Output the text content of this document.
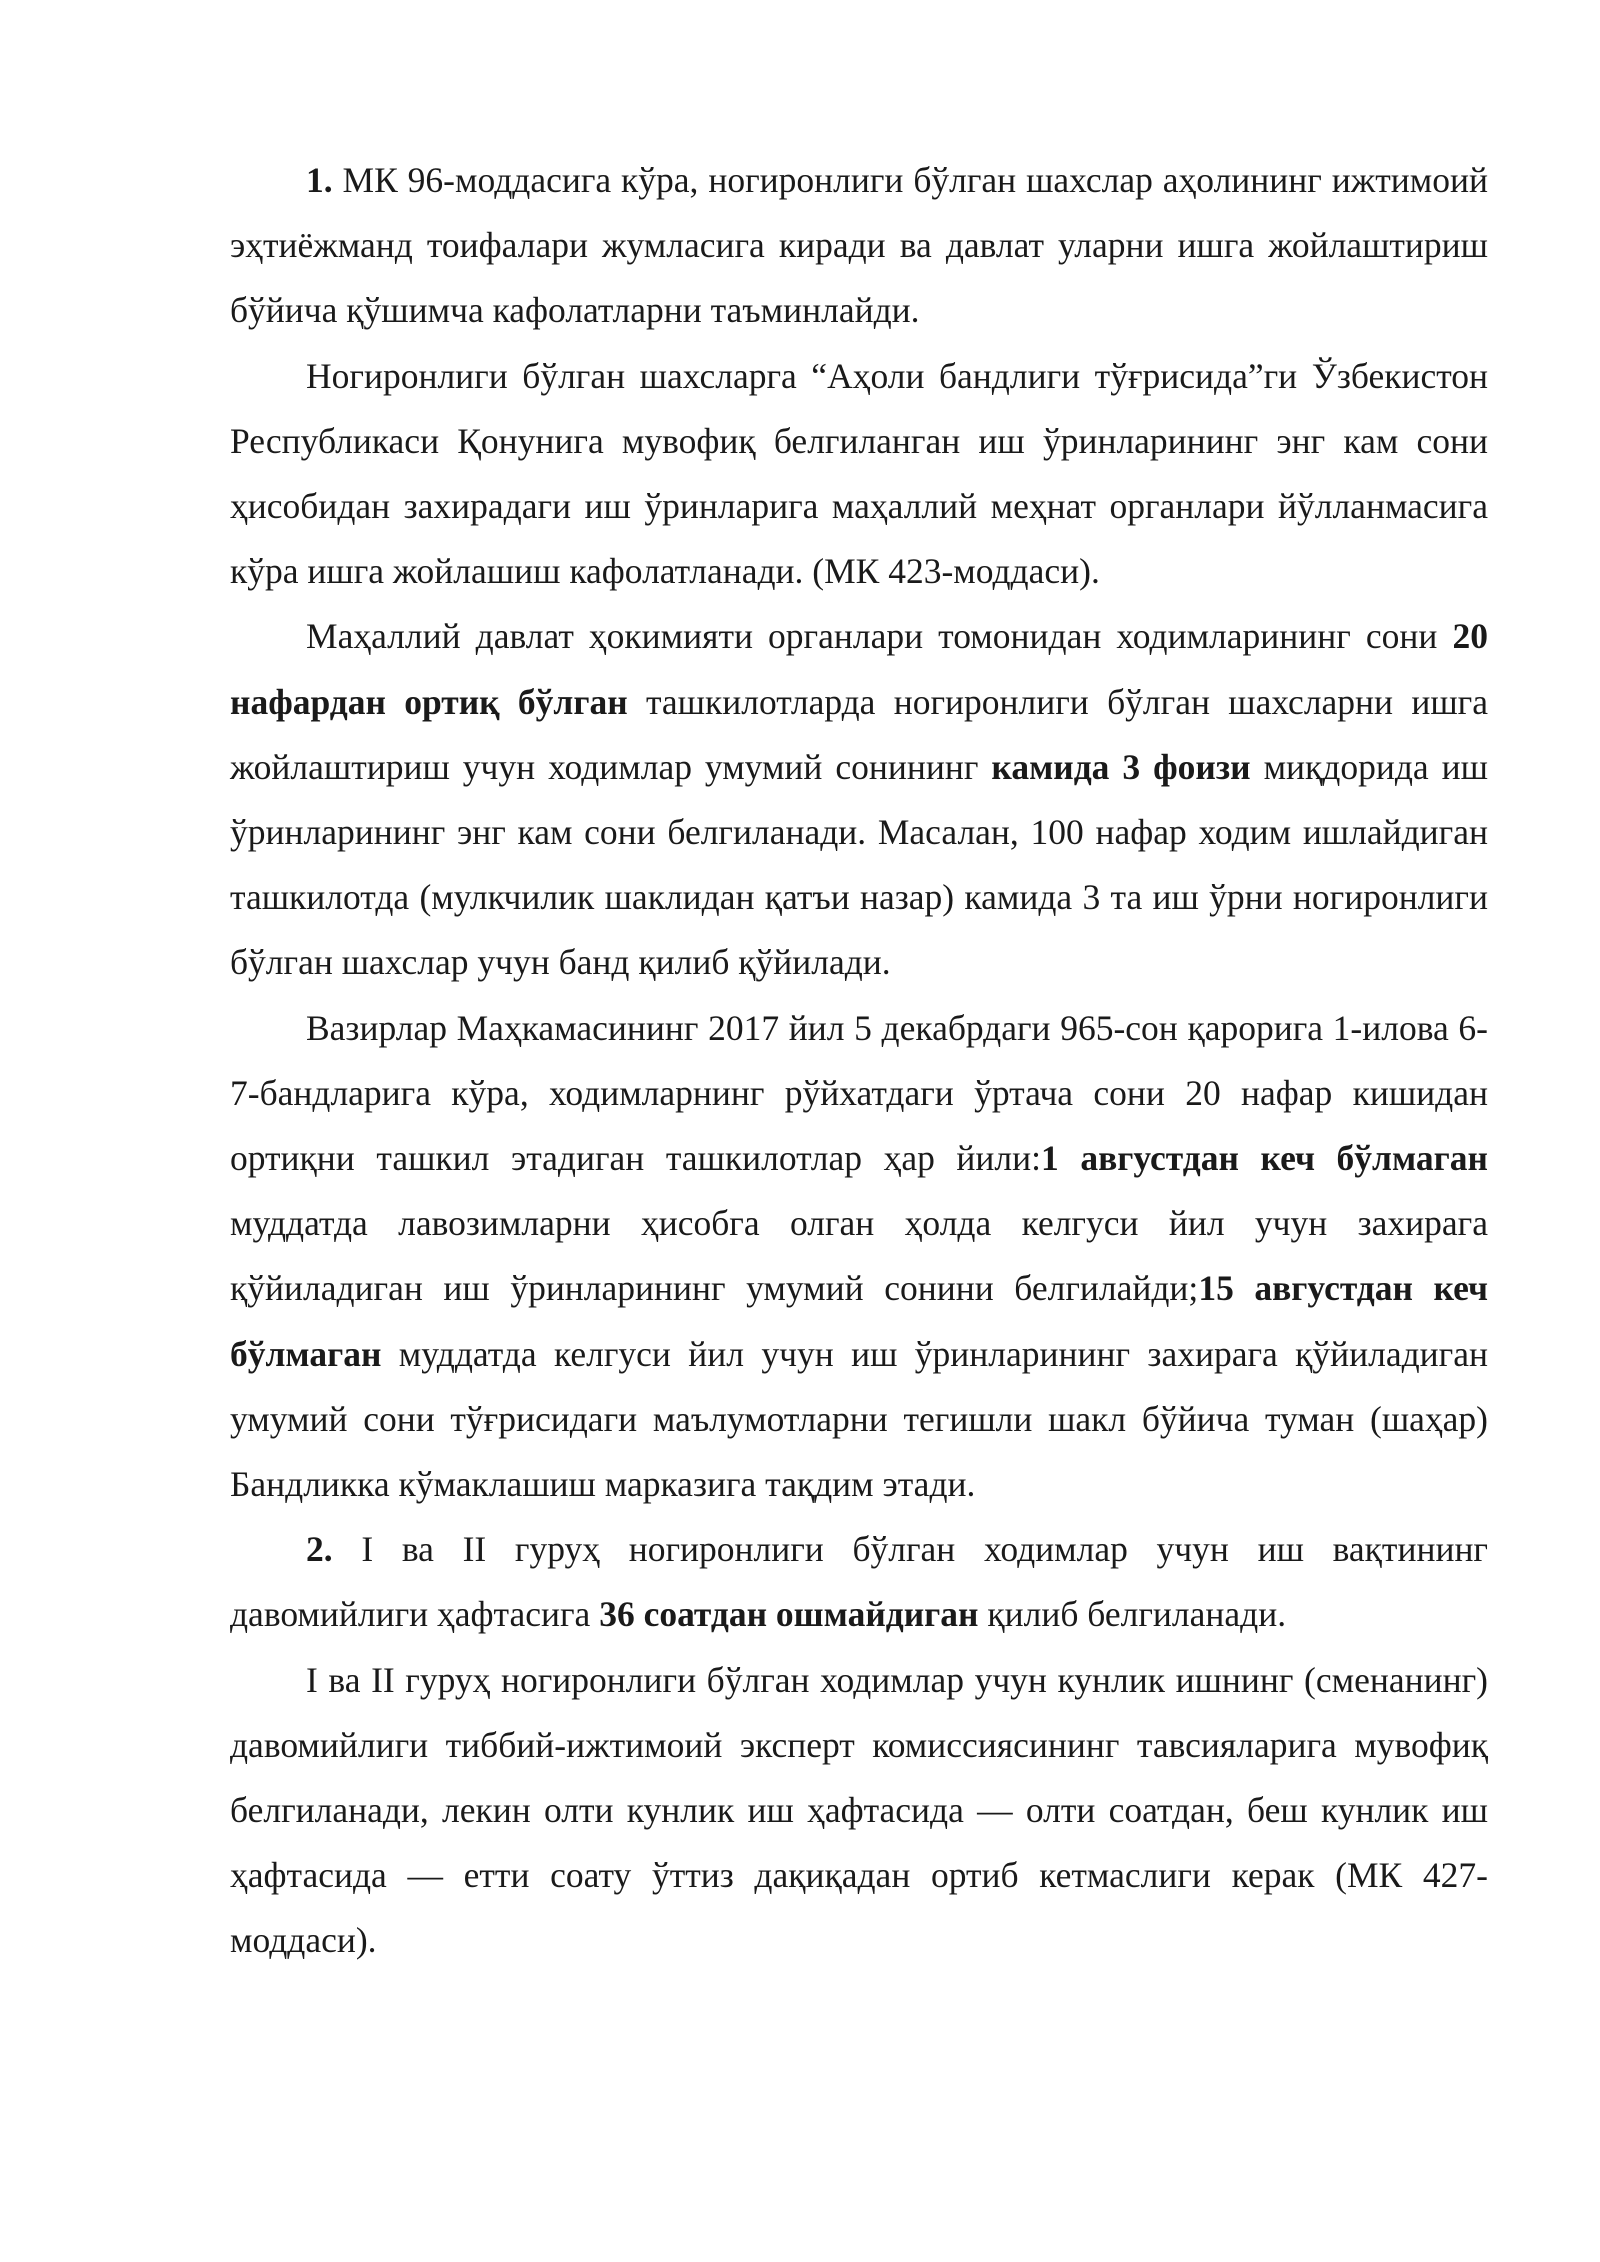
1. МК 96-моддасига кўра, ногиронлиги бўлган шахслар аҳолининг ижтимоий эҳтиёжманд тоифалари жумласига киради ва давлат уларни ишга жойлаштириш бўйича қўшимча кафолатларни таъминлайди.

Ногиронлиги бўлган шахсларга “Аҳоли бандлиги тўғрисида”ги Ўзбекистон Республикаси Қонунига мувофиқ белгиланган иш ўринларининг энг кам сони ҳисобидан захирадаги иш ўринларига маҳаллий меҳнат органлари йўлланмасига кўра ишга жойлашиш кафолатланади. (МК 423-моддаси).

Маҳаллий давлат ҳокимияти органлари томонидан ходимларининг сони 20 нафардан ортиқ бўлган ташкилотларда ногиронлиги бўлган шахсларни ишга жойлаштириш учун ходимлар умумий сонининг камида 3 фоизи миқдорида иш ўринларининг энг кам сони белгиланади. Масалан, 100 нафар ходим ишлайдиган ташкилотда (мулкчилик шаклидан қатъи назар) камида 3 та иш ўрни ногиронлиги бўлган шахслар учун банд қилиб қўйилади.

Вазирлар Маҳкамасининг 2017 йил 5 декабрдаги 965-сон қарорига 1-илова 6-7-бандларига кўра, ходимларнинг рўйхатдаги ўртача сони 20 нафар кишидан ортиқни ташкил этадиган ташкилотлар ҳар йили:1 августдан кеч бўлмаган муддатда лавозимларни ҳисобга олган ҳолда келгуси йил учун захирага қўйиладиган иш ўринларининг умумий сонини белгилайди;15 августдан кеч бўлмаган муддатда келгуси йил учун иш ўринларининг захирага қўйиладиган умумий сони тўғрисидаги маълумотларни тегишли шакл бўйича туман (шаҳар) Бандликка кўмаклашиш марказига тақдим этади.

2. I ва II гуруҳ ногиронлиги бўлган ходимлар учун иш вақтининг давомийлиги ҳафтасига 36 соатдан ошмайдиган қилиб белгиланади.

I ва II гуруҳ ногиронлиги бўлган ходимлар учун кунлик ишнинг (сменанинг) давомийлиги тиббий-ижтимоий эксперт комиссиясининг тавсияларига мувофиқ белгиланади, лекин олти кунлик иш ҳафтасида — олти соатдан, беш кунлик иш ҳафтасида — етти соату ўттиз дақиқадан ортиб кетмаслиги керак (МК 427-моддаси).
